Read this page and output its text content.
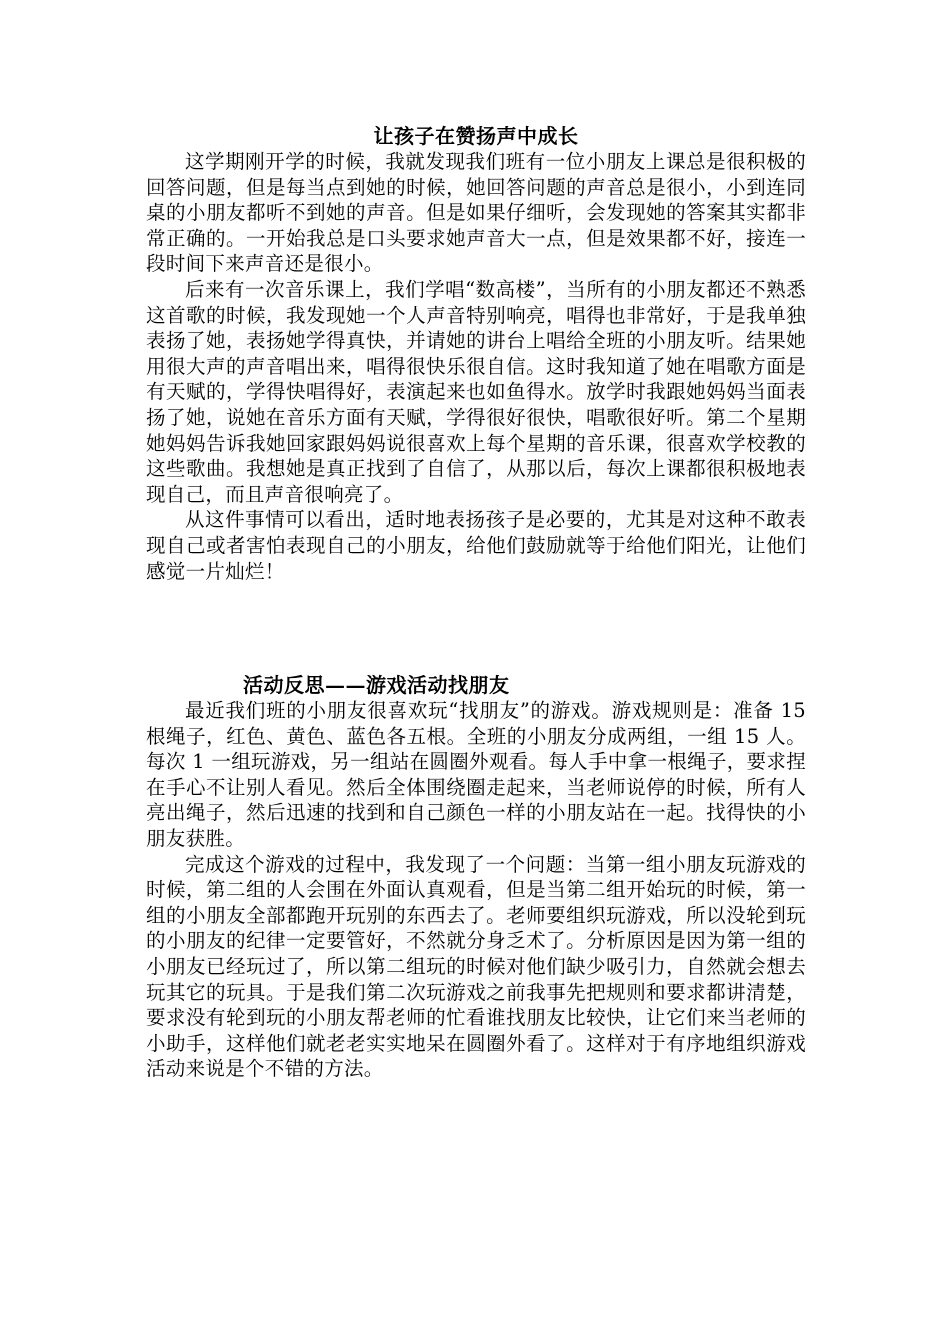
让孩子在赞扬声中成长

这学期刚开学的时候，我就发现我们班有一位小朋友上课总是很积极的回答问题，但是每当点到她的时候，她回答问题的声音总是很小，小到连同桌的小朋友都听不到她的声音。但是如果仔细听，会发现她的答案其实都非常正确的。一开始我总是口头要求她声音大一点，但是效果都不好，接连一段时间下来声音还是很小。

后来有一次音乐课上，我们学唱“数高楼”，当所有的小朋友都还不熟悉这首歌的时候，我发现她一个人声音特别响亮，唱得也非常好，于是我单独表扬了她，表扬她学得真快，并请她的讲台上唱给全班的小朋友听。结果她用很大声的声音唱出来，唱得很快乐很自信。这时我知道了她在唱歌方面是有天赋的，学得快唱得好，表演起来也如鱼得水。放学时我跟她妈妈当面表扬了她，说她在音乐方面有天赋，学得很好很快，唱歌很好听。第二个星期她妈妈告诉我她回家跟妈妈说很喜欢上每个星期的音乐课，很喜欢学校教的这些歌曲。我想她是真正找到了自信了，从那以后，每次上课都很积极地表现自己，而且声音很响亮了。

从这件事情可以看出，适时地表扬孩子是必要的，尤其是对这种不敢表现自己或者害怕表现自己的小朋友，给他们鼓励就等于给他们阳光，让他们感觉一片灿烂！

活动反思——游戏活动找朋友

最近我们班的小朋友很喜欢玩“找朋友”的游戏。游戏规则是：准备 15 根绳子，红色、黄色、蓝色各五根。全班的小朋友分成两组，一组 15 人。每次 1 一组玩游戏，另一组站在圆圈外观看。每人手中拿一根绳子，要求捏在手心不让别人看见。然后全体围绕圈走起来，当老师说停的时候，所有人亮出绳子，然后迅速的找到和自己颜色一样的小朋友站在一起。找得快的小朋友获胜。

完成这个游戏的过程中，我发现了一个问题：当第一组小朋友玩游戏的时候，第二组的人会围在外面认真观看，但是当第二组开始玩的时候，第一组的小朋友全部都跑开玩别的东西去了。老师要组织玩游戏，所以没轮到玩的小朋友的纪律一定要管好，不然就分身乏术了。分析原因是因为第一组的小朋友已经玩过了，所以第二组玩的时候对他们缺少吸引力，自然就会想去玩其它的玩具。于是我们第二次玩游戏之前我事先把规则和要求都讲清楚，要求没有轮到玩的小朋友帮老师的忙看谁找朋友比较快，让它们来当老师的小助手，这样他们就老老实实地呆在圆圈外看了。这样对于有序地组织游戏活动来说是个不错的方法。
